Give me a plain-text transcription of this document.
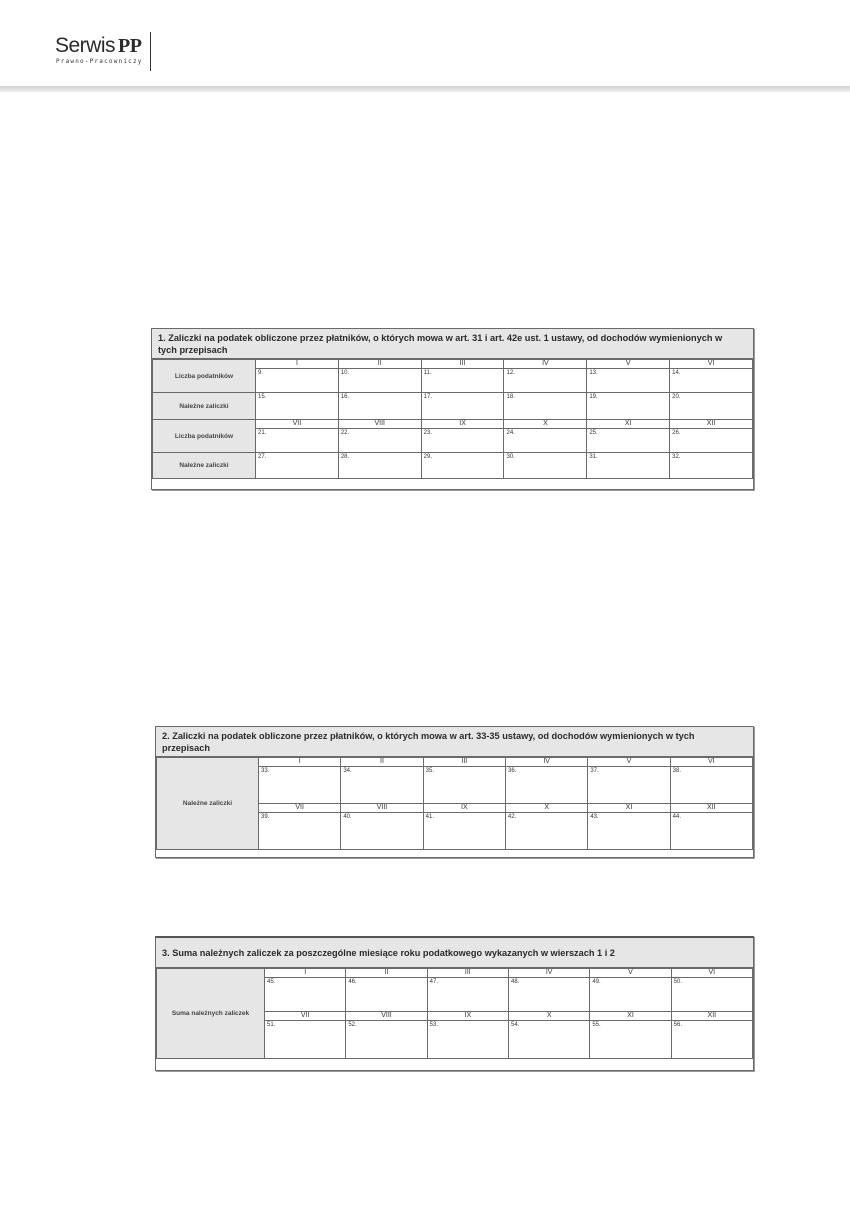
Serwis PP
Prawno-Pracowniczy
1. Zaliczki na podatek obliczone przez płatników, o których mowa w art. 31 i art. 42e ust. 1 ustawy, od dochodów wymienionych w tych przepisach
Liczba podatników	I	II	III	IV	V	VI
	9.	10.	11.	12.	13.	14.
Należne zaliczki	15.	16.	17.	18.	19.	20.
Liczba podatników	VII	VIII	IX	X	XI	XII
	21.	22.	23.	24.	25.	26.
Należne zaliczki	27.	28.	29.	30.	31.	32.
2. Zaliczki na podatek obliczone przez płatników, o których mowa w art. 33-35 ustawy, od dochodów wymienionych w tych przepisach
Należne zaliczki	I	II	III	IV	V	VI
	33.	34.	35.	36.	37.	38.
	VII	VIII	IX	X	XI	XII
	39.	40.	41.	42.	43.	44.
3. Suma należnych zaliczek za poszczególne miesiące roku podatkowego wykazanych w wierszach 1 i 2
Suma należnych zaliczek	I	II	III	IV	V	VI
	45.	46.	47.	48.	49.	50.
	VII	VIII	IX	X	XI	XII
	51.	52.	53.	54.	55.	56.
